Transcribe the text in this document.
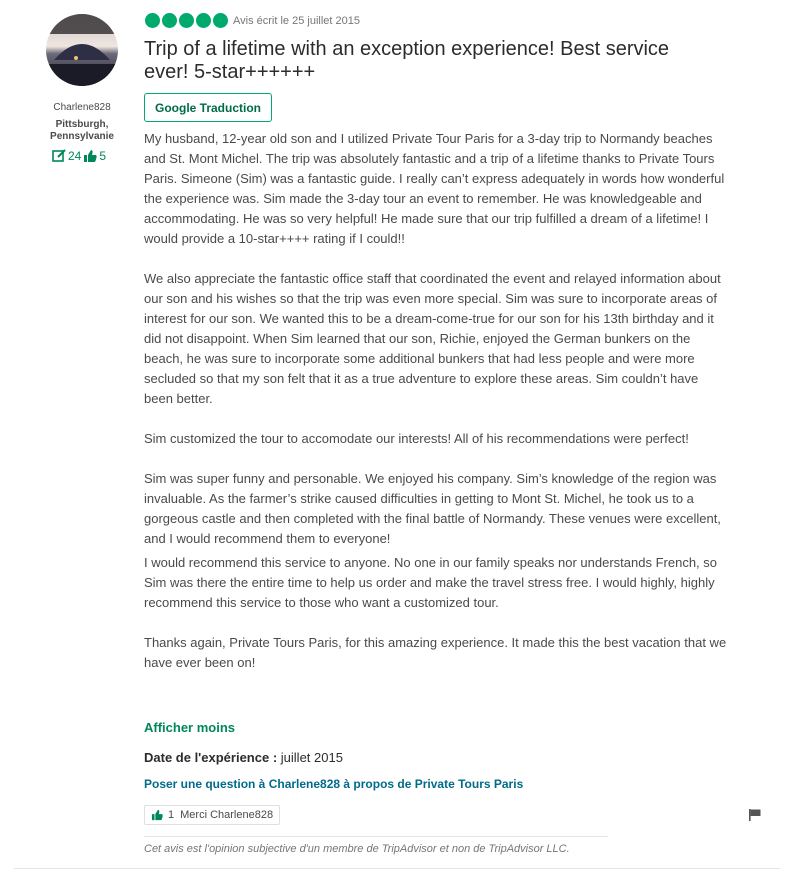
Charlene828
Pittsburgh, Pennsylvanie
24 5
Avis écrit le 25 juillet 2015
Trip of a lifetime with an exception experience! Best service ever! 5-star++++++
Google Traduction

My husband, 12-year old son and I utilized Private Tour Paris for a 3-day trip to Normandy beaches and St. Mont Michel. The trip was absolutely fantastic and a trip of a lifetime thanks to Private Tours Paris. Simeone (Sim) was a fantastic guide. I really can’t express adequately in words how wonderful the experience was. Sim made the 3-day tour an event to remember. He was knowledgeable and accommodating. He was so very helpful! He made sure that our trip fulfilled a dream of a lifetime! I would provide a 10-star++++ rating if I could!!

We also appreciate the fantastic office staff that coordinated the event and relayed information about our son and his wishes so that the trip was even more special. Sim was sure to incorporate areas of interest for our son. We wanted this to be a dream-come-true for our son for his 13th birthday and it did not disappoint. When Sim learned that our son, Richie, enjoyed the German bunkers on the beach, he was sure to incorporate some additional bunkers that had less people and were more secluded so that my son felt that it as a true adventure to explore these areas. Sim couldn’t have been better.

Sim customized the tour to accomodate our interests! All of his recommendations were perfect!

Sim was super funny and personable. We enjoyed his company. Sim’s knowledge of the region was invaluable. As the farmer’s strike caused difficulties in getting to Mont St. Michel, he took us to a gorgeous castle and then completed with the final battle of Normandy. These venues were excellent, and I would recommend them to everyone!

I would recommend this service to anyone. No one in our family speaks nor understands French, so Sim was there the entire time to help us order and make the travel stress free. I would highly, highly recommend this service to those who want a customized tour.

Thanks again, Private Tours Paris, for this amazing experience. It made this the best vacation that we have ever been on!

Afficher moins
Date de l'expérience : juillet 2015
Poser une question à Charlene828 à propos de Private Tours Paris
1 Merci Charlene828
Cet avis est l'opinion subjective d'un membre de TripAdvisor et non de TripAdvisor LLC.
